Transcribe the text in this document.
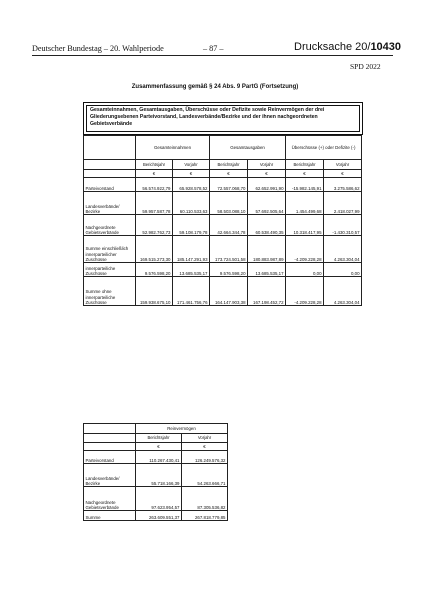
Deutscher Bundestag – 20. Wahlperiode	– 87 –	Drucksache 20/10430
SPD 2022
Zusammenfassung gemäß § 24 Abs. 9 PartG (Fortsetzung)
Gesamteinnahmen, Gesamtausgaben, Überschüsse oder Defizite sowie Reinvermögen der drei Gliederungsebenen Parteivorstand, Landesverbände/Bezirke und der ihnen nachgeordneten Gebietsverbände
	Gesamteinnahmen		Gesamtausgaben		Überschüsse (+) oder Defizite (-)	
	Berichtsjahr	Vorjahr	Berichtsjahr	Vorjahr	Berichtsjahr	Vorjahr
	€	€	€	€	€	€
Parteivorstand	56.574.922,79	65.928.578,52	72.557.068,70	62.652.991,90	-15.982.145,91	3.275.586,62
Landesverbände/ Bezirke	59.957.587,78	60.110.533,63	58.503.088,10	57.692.505,64	1.454.499,68	2.418.027,99
Nachgeordnete Gebietsverbände	52.982.762,73	59.108.179,78	42.664.344,78	60.538.490,35	10.318.417,95	-1.430.310,57
Summe einschließlich innerparteilicher Zuschüsse	169.515.273,30	185.147.291,93	173.724.501,58	180.883.987,89	-4.209.228,28	4.263.304,04
innerparteiliche Zuschüsse	9.576.598,20	13.685.535,17	9.576.598,20	13.685.535,17	0,00	0,00
Summe ohne innerparteiliche Zuschüsse	159.938.675,10	171.461.756,76	164.147.903,38	167.198.452,72	-4.209.228,28	4.263.304,04
	Reinvermögen	
	Berichtsjahr	Vorjahr
	€	€
Parteivorstand	110.267.430,41	126.249.576,32
Landesverbände/ Bezirke	55.718.166,39	54.263.666,71
Nachgeordnete Gebietsverbände	97.623.954,57	87.305.536,82
Summe	263.609.551,37	267.818.779,85
